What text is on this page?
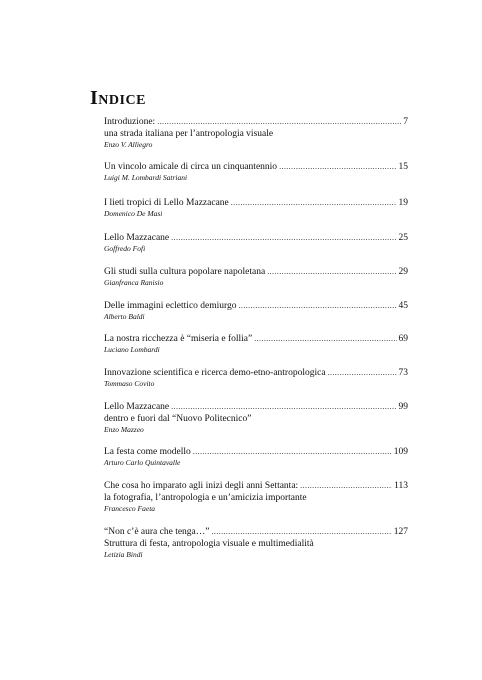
Indice
Introduzione: .....	7
una strada italiana per l’antropologia visuale
Enzo V. Alliegro
Un vincolo amicale di circa un cinquantennio .....	15
Luigi M. Lombardi Satriani
I lieti tropici di Lello Mazzacane .....	19
Domenico De Masi
Lello Mazzacane .....	25
Goffredo Fofi
Gli studi sulla cultura popolare napoletana .....	29
Gianfranca Ranisio
Delle immagini eclettico demiurgo .....	45
Alberto Baldi
La nostra ricchezza è “miseria e follia” .....	69
Luciano Lombardi
Innovazione scientifica e ricerca demo-etno-antropologica .....	73
Tommaso Covito
Lello Mazzacane .....	99
dentro e fuori dal “Nuovo Politecnico”
Enzo Mazzeo
La festa come modello .....	109
Arturo Carlo Quintavalle
Che cosa ho imparato agli inizi degli anni Settanta: .....	113
la fotografia, l’antropologia e un’amicizia importante
Francesco Faeta
“Non c’è aura che tenga…” .....	127
Struttura di festa, antropologia visuale e multimedialità
Letizia Bindi
